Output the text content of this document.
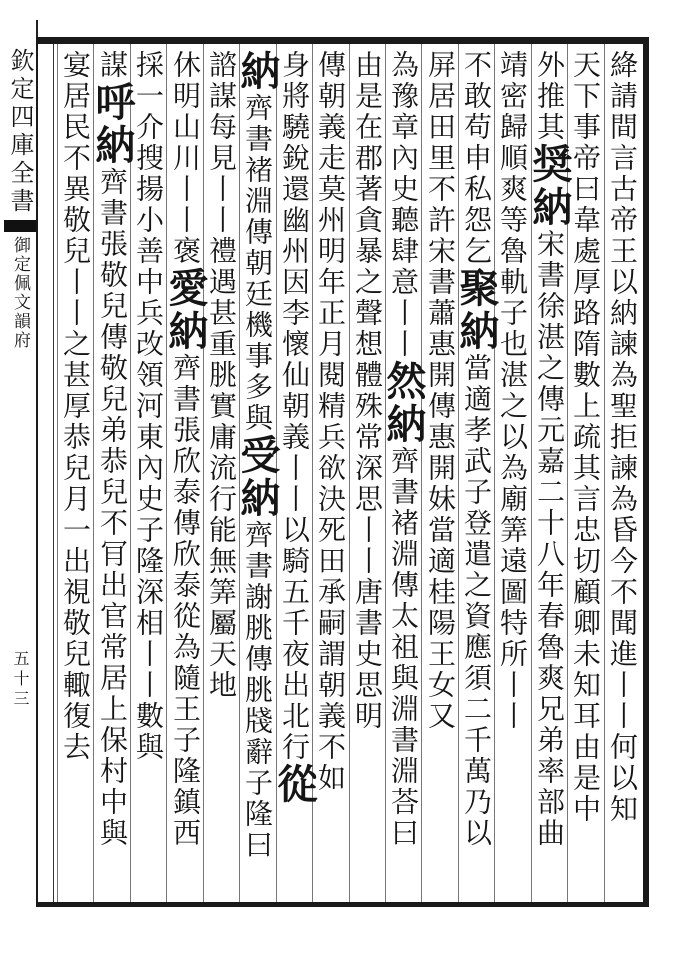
欽定四庫全書御定佩文韻府五十三	絳請間言古帝王以納諫為聖拒諫為昏今不聞進丨丨何以知
天下事帝曰韋處厚路隋數上疏其言忠切顧卿未知耳由是中
外推其奨納宋書徐湛之傳元嘉二十八年春魯爽兄弟率部曲
靖密歸順爽等魯軌子也湛之以為廟筭遠圖特所丨丨
不敢苟申私怨乞聚納當適孝武子登遣之資應須二千萬乃以
屏居田里不許宋書蕭惠開傳惠開妹當適桂陽王女又
為豫章內史聽肆意丨丨然納齊書褚淵傳太祖與淵書淵荅曰
由是在郡著貪暴之聲想體殊常深思丨丨唐書史思明
傳朝義走莫州明年正月閱精兵欲決死田承嗣謂朝義不如
身將驍銳還幽州因李懷仙朝義丨丨以騎五千夜出北行從
納齊書褚淵傳朝廷機事多與受納齊書謝朓傳朓牋辭子隆曰
諮謀每見丨丨禮遇甚重朓實庸流行能無筭屬天地
休明山川丨丨褒愛納齊書張欣泰傳欣泰從為隨王子隆鎮西
採一介搜揚小善中兵改領河東內史子隆深相丨丨數與
謀呼納齊書張敬兒傳敬兒弟恭兒不肎出官常居上保村中與
宴居民不異敬兒丨丨之甚厚恭兒月一出視敬兒輙復去
